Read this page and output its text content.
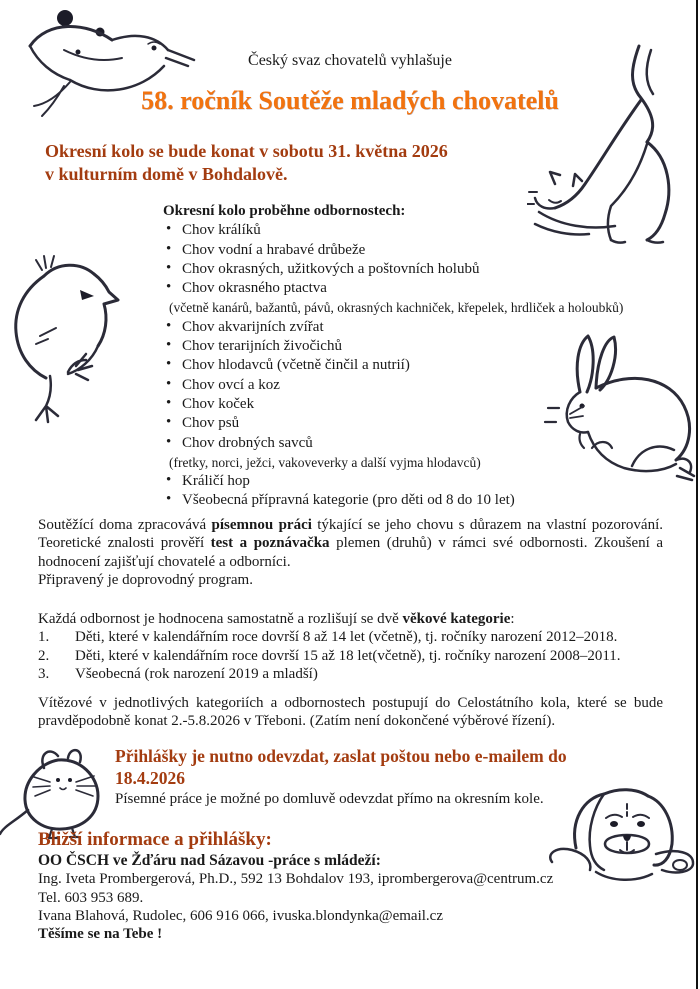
Český svaz chovatelů vyhlašuje
58. ročník Soutěže mladých chovatelů
Okresní kolo se bude konat v sobotu 31. května 2026
v kulturním domě v Bohdalově.
Okresní kolo proběhne odbornostech:
• Chov králíků
• Chov vodní a hrabavé drůbeže
• Chov okrasných, užitkových a poštovních holubů
• Chov okrasného ptactva
(včetně kanárů, bažantů, pávů, okrasných kachniček, křepelek, hrdliček a holoubků)
• Chov akvarijních zvířat
• Chov terarijních živočichů
• Chov hlodavců (včetně činčil a nutrií)
• Chov ovcí a koz
• Chov koček
• Chov psů
• Chov drobných savců
(fretky, norci, ježci, vakoveverky a další vyjma hlodavců)
• Králičí hop
• Všeobecná přípravná kategorie (pro děti od 8 do 10 let)
Soutěžící doma zpracovává písemnou práci týkající se jeho chovu s důrazem na vlastní pozorování. Teoretické znalosti prověří test a poznávačka plemen (druhů) v rámci své odbornosti. Zkoušení a hodnocení zajišťují chovatelé a odborníci.
Připravený je doprovodný program.
Každá odbornost je hodnocena samostatně a rozlišují se dvě věkové kategorie:
1.	Děti, které v kalendářním roce dovrší 8 až 14 let (včetně), tj. ročníky narození 2012–2018.
2.	Děti, které v kalendářním roce dovrší 15 až 18 let(včetně), tj. ročníky narození 2008–2011.
3.	Všeobecná (rok narození 2019 a mladší)
Vítězové v jednotlivých kategoriích a odbornostech postupují do Celostátního kola, které se bude pravděpodobně konat 2.-5.8.2026 v Třeboni. (Zatím není dokončené výběrové řízení).
Přihlášky je nutno odevzdat, zaslat poštou nebo e-mailem do
18.4.2026
Písemné práce je možné po domluvě odevzdat přímo na okresním kole.
Bližší informace a přihlášky:
OO ČSCH ve Žďáru nad Sázavou -práce s mládeží:
Ing. Iveta Prombergerová, Ph.D., 592 13 Bohdalov 193, iprombergerova@centrum.cz
Tel. 603 953 689.
Ivana Blahová, Rudolec, 606 916 066, ivuska.blondynka@email.cz
Těšíme se na Tebe !
